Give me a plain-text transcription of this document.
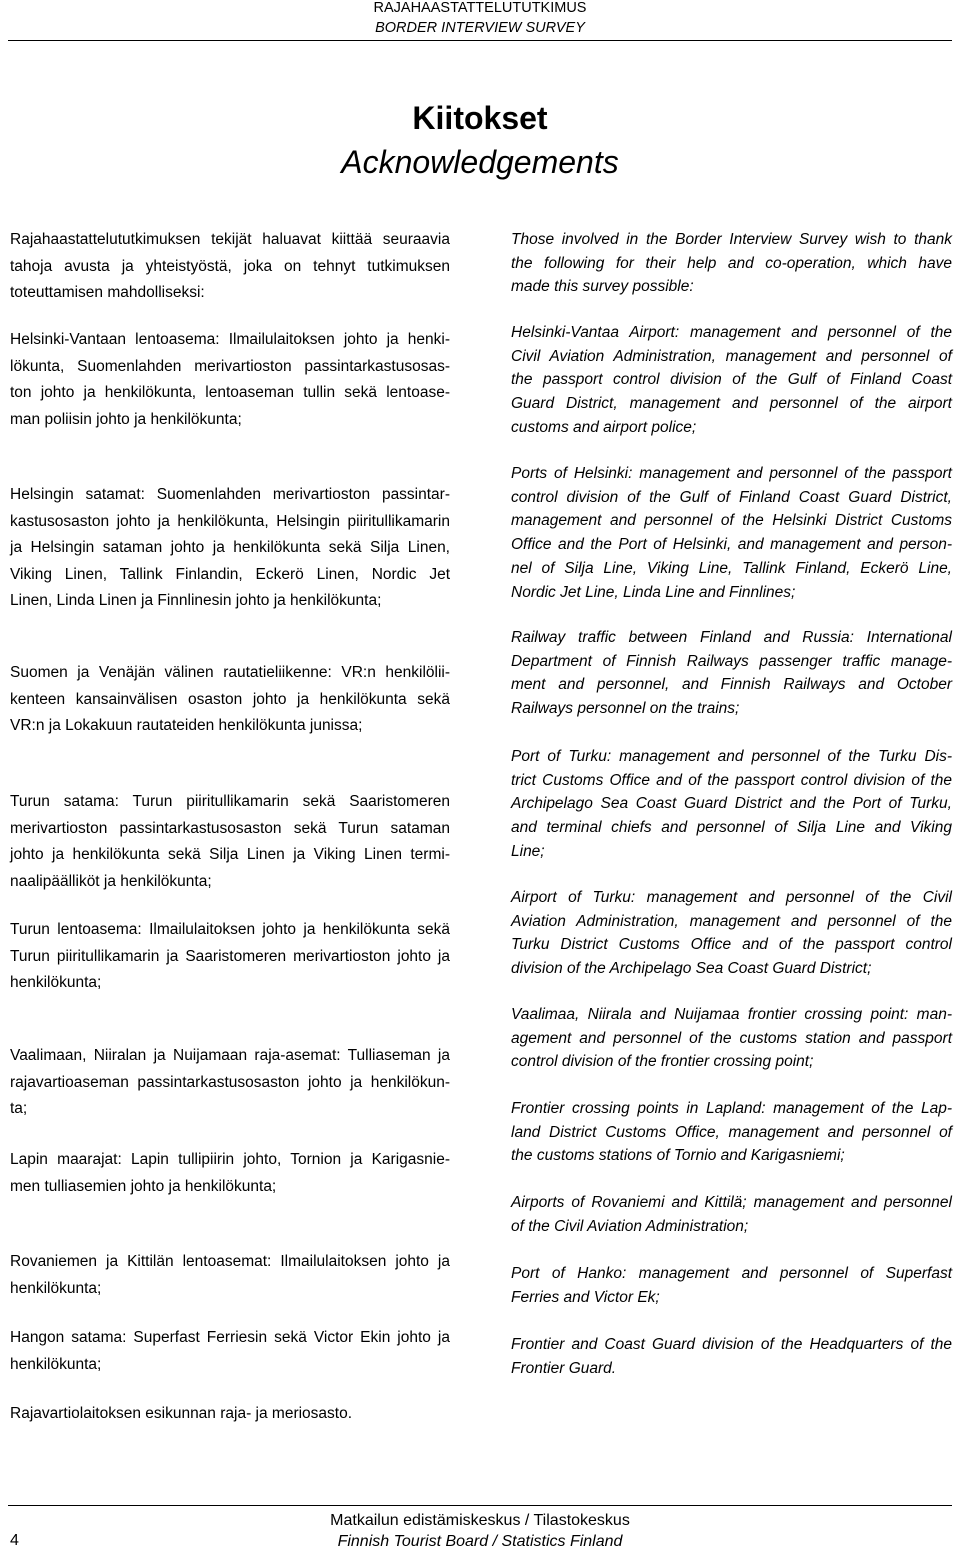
RAJAHAASTATTELUTUTKIMUS
BORDER INTERVIEW SURVEY
Kiitokset
Acknowledgements
Rajahaastattelututkimuksen tekijät haluavat kiittää seuraavia
tahoja avusta ja yhteistyöstä, joka on tehnyt tutkimuksen
toteuttamisen mahdolliseksi:
Helsinki-Vantaan lentoasema: Ilmailulaitoksen johto ja henki-
lökunta, Suomenlahden merivartioston passintarkastusosas-
ton johto ja henkilökunta, lentoaseman tullin sekä lentoase-
man poliisin johto ja henkilökunta;
Helsingin satamat: Suomenlahden merivartioston passintar-
kastusosaston johto ja henkilökunta, Helsingin piiritullikamarin
ja Helsingin sataman johto ja henkilökunta sekä Silja Linen,
Viking Linen, Tallink Finlandin, Eckerö Linen, Nordic Jet
Linen, Linda Linen ja Finnlinesin johto ja henkilökunta;
Suomen ja Venäjän välinen rautatieliikenne: VR:n henkilölii-
kenteen kansainvälisen osaston johto ja henkilökunta sekä
VR:n ja Lokakuun rautateiden henkilökunta junissa;
Turun satama: Turun piiritullikamarin sekä Saaristomeren
merivartioston passintarkastusosaston sekä Turun sataman
johto ja henkilökunta sekä Silja Linen ja Viking Linen termi-
naalipäälliköt ja henkilökunta;
Turun lentoasema: Ilmailulaitoksen johto ja henkilökunta sekä
Turun piiritullikamarin ja Saaristomeren merivartioston johto ja
henkilökunta;
Vaalimaan, Niiralan ja Nuijamaan raja-asemat: Tulliaseman ja
rajavartioaseman passintarkastusosaston johto ja henkilökun-
ta;
Lapin maarajat: Lapin tullipiirin johto, Tornion ja Karigasnie-
men tulliasemien johto ja henkilökunta;
Rovaniemen ja Kittilän lentoasemat: Ilmailulaitoksen johto ja
henkilökunta;
Hangon satama: Superfast Ferriesin sekä Victor Ekin johto ja
henkilökunta;
Rajavartiolaitoksen esikunnan raja- ja meriosasto.
Those involved in the Border Interview Survey wish to thank
the following for their help and co-operation, which have
made this survey possible:
Helsinki-Vantaa Airport: management and personnel of the
Civil Aviation Administration, management and personnel of
the passport control division of the Gulf of Finland Coast
Guard District, management and personnel of the airport
customs and airport police;
Ports of Helsinki: management and personnel of the passport
control division of the Gulf of Finland Coast Guard District,
management and personnel of the Helsinki District Customs
Office and the Port of Helsinki, and management and person-
nel of Silja Line, Viking Line, Tallink Finland, Eckerö Line,
Nordic Jet Line, Linda Line and Finnlines;
Railway traffic between Finland and Russia: International
Department of Finnish Railways passenger traffic manage-
ment and personnel, and Finnish Railways and October
Railways personnel on the trains;
Port of Turku: management and personnel of the Turku Dis-
trict Customs Office and of the passport control division of the
Archipelago Sea Coast Guard District and the Port of Turku,
and terminal chiefs and personnel of Silja Line and Viking
Line;
Airport of Turku: management and personnel of the Civil
Aviation Administration, management and personnel of the
Turku District Customs Office and of the passport control
division of the Archipelago Sea Coast Guard District;
Vaalimaa, Niirala and Nuijamaa frontier crossing point: man-
agement and personnel of the customs station and passport
control division of the frontier crossing point;
Frontier crossing points in Lapland: management of the Lap-
land District Customs Office, management and personnel of
the customs stations of Tornio and Karigasniemi;
Airports of Rovaniemi and Kittilä; management and personnel
of the Civil Aviation Administration;
Port of Hanko: management and personnel of Superfast
Ferries and Victor Ek;
Frontier and Coast Guard division of the Headquarters of the
Frontier Guard.
Matkailun edistämiskeskus / Tilastokeskus
4	Finnish Tourist Board / Statistics Finland
